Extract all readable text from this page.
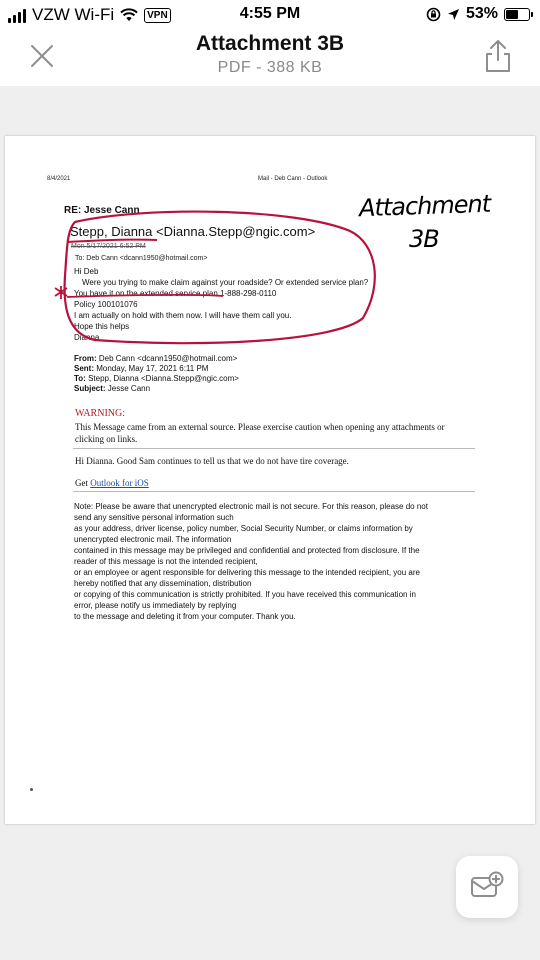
VZW Wi-Fi	VPN	4:55 PM	53%
Attachment 3B
PDF - 388 KB
8/4/2021	Mail - Deb Cann - Outlook
Attachment
3B
RE: Jesse Cann
Stepp, Dianna <Dianna.Stepp@ngic.com>
Mon 5/17/2021 6:52 PM
To: Deb Cann <dcann1950@hotmail.com>
Hi Deb
Were you trying to make claim against your roadside? Or extended service plan?
You have it on the extended service plan 1-888-298-0110
Policy 100101076
I am actually on hold with them now. I will have them call you.
Hope this helps
Dianna
From: Deb Cann <dcann1950@hotmail.com>
Sent: Monday, May 17, 2021 6:11 PM
To: Stepp, Dianna <Dianna.Stepp@ngic.com>
Subject: Jesse Cann
WARNING:
This Message came from an external source. Please exercise caution when opening any attachments or clicking on links.
Hi Dianna. Good Sam continues to tell us that we do not have tire coverage.
Get Outlook for iOS

Note: Please be aware that unencrypted electronic mail is not secure. For this reason, please do not

send any sensitive personal information such

as your address, driver license, policy number, Social Security Number, or claims information by

unencrypted electronic mail. The information

contained in this message may be privileged and confidential and protected from disclosure. If the

reader of this message is not the intended recipient,

or an employee or agent responsible for delivering this message to the intended recipient, you are

hereby notified that any dissemination, distribution

or copying of this communication is strictly prohibited. If you have received this communication in

error, please notify us immediately by replying

to the message and deleting it from your computer. Thank you.
